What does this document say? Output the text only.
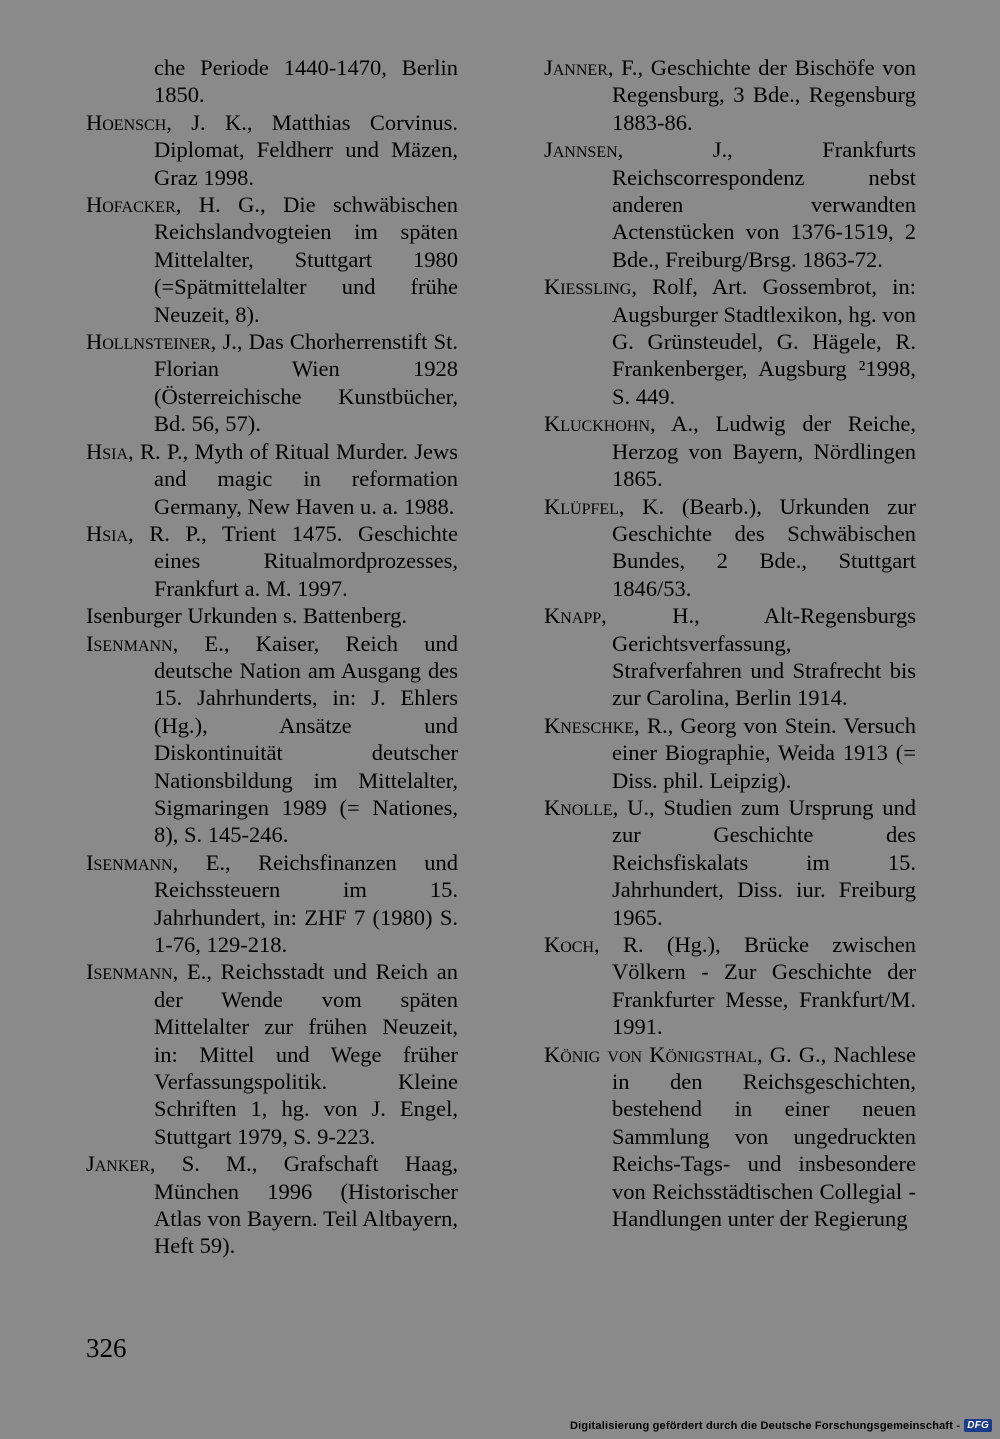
che Periode 1440-1470, Berlin 1850.

Hoensch, J. K., Matthias Corvinus. Diplomat, Feldherr und Mäzen, Graz 1998.

Hofacker, H. G., Die schwäbischen Reichslandvogteien im späten Mittelalter, Stuttgart 1980 (=Spätmittelalter und frühe Neuzeit, 8).

Hollnsteiner, J., Das Chorherrenstift St. Florian Wien 1928 (Österreichische Kunstbücher, Bd. 56, 57).

Hsia, R. P., Myth of Ritual Murder. Jews and magic in reformation Germany, New Haven u. a. 1988.

Hsia, R. P., Trient 1475. Geschichte eines Ritualmordprozesses, Frankfurt a. M. 1997.

Isenburger Urkunden s. Battenberg.

Isenmann, E., Kaiser, Reich und deutsche Nation am Ausgang des 15. Jahrhunderts, in: J. Ehlers (Hg.), Ansätze und Diskontinuität deutscher Nationsbildung im Mittelalter, Sigmaringen 1989 (= Nationes, 8), S. 145-246.

Isenmann, E., Reichsfinanzen und Reichssteuern im 15. Jahrhundert, in: ZHF 7 (1980) S. 1-76, 129-218.

Isenmann, E., Reichsstadt und Reich an der Wende vom späten Mittelalter zur frühen Neuzeit, in: Mittel und Wege früher Verfassungspolitik. Kleine Schriften 1, hg. von J. Engel, Stuttgart 1979, S. 9-223.

Janker, S. M., Grafschaft Haag, München 1996 (Historischer Atlas von Bayern. Teil Altbayern, Heft 59).

Janner, F., Geschichte der Bischöfe von Regensburg, 3 Bde., Regensburg 1883-86.

Jannsen, J., Frankfurts Reichscorrespondenz nebst anderen verwandten Actenstücken von 1376-1519, 2 Bde., Freiburg/Brsg. 1863-72.

Kiessling, Rolf, Art. Gossembrot, in: Augsburger Stadtlexikon, hg. von G. Grünsteudel, G. Hägele, R. Frankenberger, Augsburg ²1998, S. 449.

Kluckhohn, A., Ludwig der Reiche, Herzog von Bayern, Nördlingen 1865.

Klüpfel, K. (Bearb.), Urkunden zur Geschichte des Schwäbischen Bundes, 2 Bde., Stuttgart 1846/53.

Knapp, H., Alt-Regensburgs Gerichtsverfassung, Strafverfahren und Strafrecht bis zur Carolina, Berlin 1914.

Kneschke, R., Georg von Stein. Versuch einer Biographie, Weida 1913 (= Diss. phil. Leipzig).

Knolle, U., Studien zum Ursprung und zur Geschichte des Reichsfiskalats im 15. Jahrhundert, Diss. iur. Freiburg 1965.

Koch, R. (Hg.), Brücke zwischen Völkern - Zur Geschichte der Frankfurter Messe, Frankfurt/M. 1991.

König von Königsthal, G. G., Nachlese in den Reichsgeschichten, bestehend in einer neuen Sammlung von ungedruckten Reichs-Tags- und insbesondere von Reichsstädtischen Collegial - Handlungen unter der Regierung

326
Digitalisierung gefördert durch die Deutsche Forschungsgemeinschaft - DFG
